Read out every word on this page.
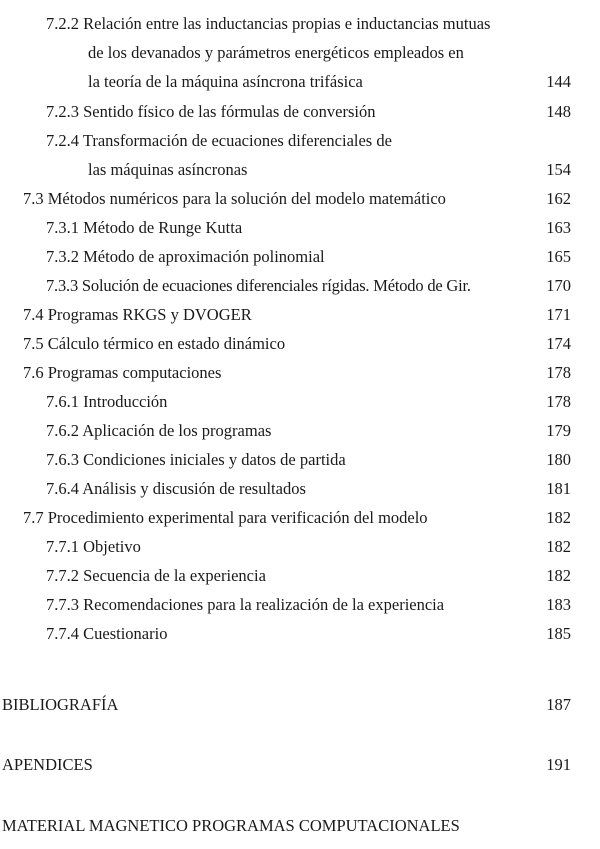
7.2.2 Relación entre las inductancias propias e inductancias mutuas
de los devanados y parámetros energéticos empleados en
la teoría de la máquina asíncrona trifásica	144
7.2.3 Sentido físico de las fórmulas de conversión	148
7.2.4 Transformación de ecuaciones diferenciales de
las máquinas asíncronas	154
7.3 Métodos numéricos para la solución del modelo matemático	162
7.3.1 Método de Runge Kutta	163
7.3.2 Método de aproximación polinomial	165
7.3.3 Solución de ecuaciones diferenciales rígidas. Método de Gir.	170
7.4 Programas RKGS y DVOGER	171
7.5 Cálculo térmico en estado dinámico	174
7.6 Programas computaciones	178
7.6.1 Introducción	178
7.6.2 Aplicación de los programas	179
7.6.3 Condiciones iniciales y datos de partida	180
7.6.4 Análisis y discusión de resultados	181
7.7 Procedimiento experimental para verificación del modelo	182
7.7.1 Objetivo	182
7.7.2 Secuencia de la experiencia	182
7.7.3 Recomendaciones para la realización de la experiencia	183
7.7.4 Cuestionario	185
BIBLIOGRAFÍA	187
APENDICES	191
MATERIAL MAGNETICO PROGRAMAS COMPUTACIONALES
